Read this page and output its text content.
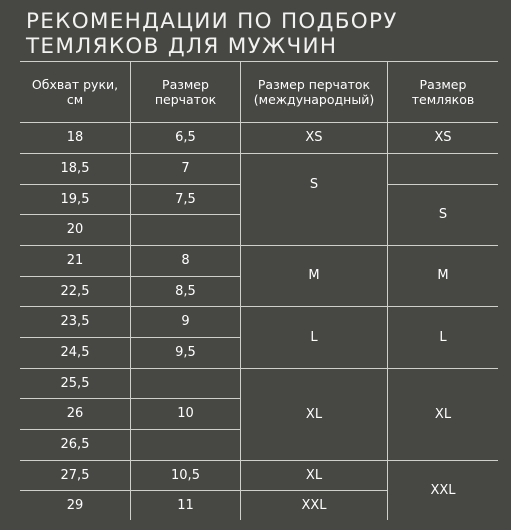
РЕКОМЕНДАЦИИ ПО ПОДБОРУ
ТЕМЛЯКОВ ДЛЯ МУЖЧИН
Обхват руки,
см
Размер
перчаток
Размер перчаток
(международный)
Размер
темляков
18
18,5
19,5
20
21
22,5
23,5
24,5
25,5
26
26,5
27,5
29
6,5
7
7,5
8
8,5
9
9,5
10
10,5
11
XS
S
M
L
XL
XL
XXL
XS
S
M
L
XL
XXL
